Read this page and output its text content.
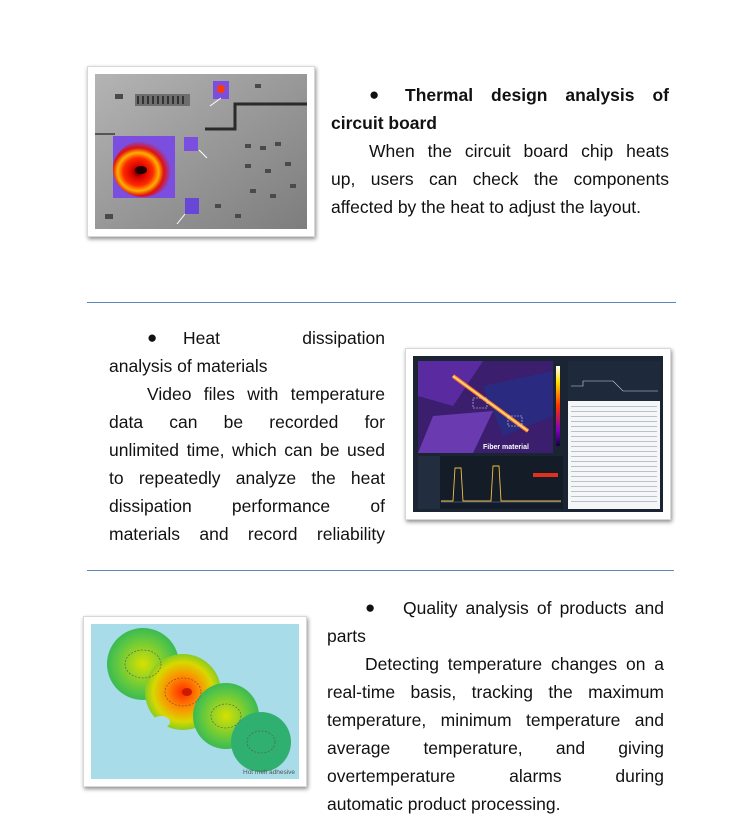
●	Thermal design analysis of

circuit board

When the circuit board chip heats

up, users can check the components

affected by the heat to adjust the layout.

●	Heat dissipation

analysis of materials

Video files with temperature

data can be recorded for

unlimited time, which can be used

to repeatedly analyze the heat

dissipation performance of

materials and record reliability

Fiber material
Hot melt adhesive

●	Quality analysis of products and

parts

Detecting temperature changes on a

real-time basis, tracking the maximum

temperature, minimum temperature and

average temperature, and giving

overtemperature alarms during

automatic product processing.
